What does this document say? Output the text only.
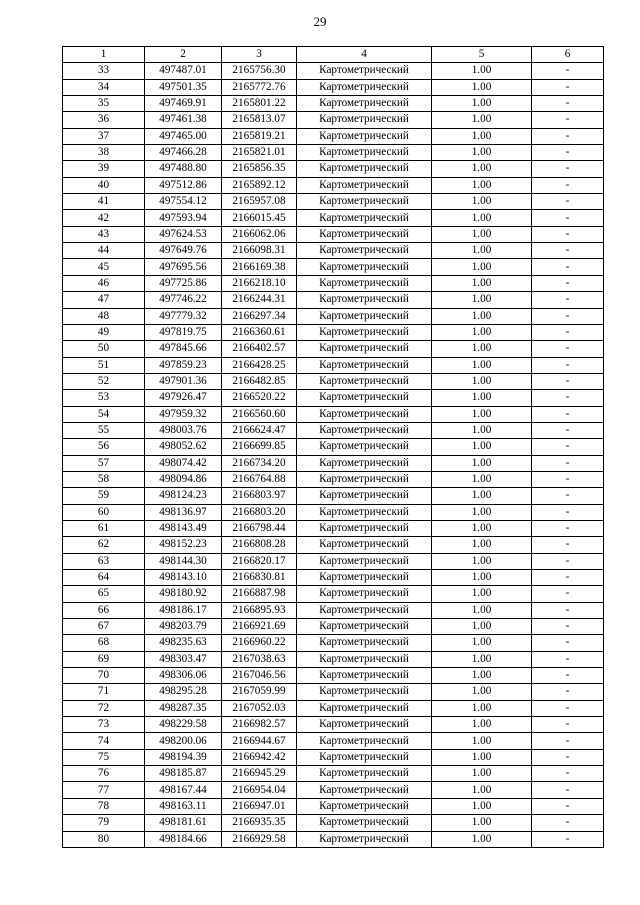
29
1	2	3	4	5	6
33	497487.01	2165756.30	Картометрический	1.00	-
34	497501.35	2165772.76	Картометрический	1.00	-
35	497469.91	2165801.22	Картометрический	1.00	-
36	497461.38	2165813.07	Картометрический	1.00	-
37	497465.00	2165819.21	Картометрический	1.00	-
38	497466.28	2165821.01	Картометрический	1.00	-
39	497488.80	2165856.35	Картометрический	1.00	-
40	497512.86	2165892.12	Картометрический	1.00	-
41	497554.12	2165957.08	Картометрический	1.00	-
42	497593.94	2166015.45	Картометрический	1.00	-
43	497624.53	2166062.06	Картометрический	1.00	-
44	497649.76	2166098.31	Картометрический	1.00	-
45	497695.56	2166169.38	Картометрический	1.00	-
46	497725.86	2166218.10	Картометрический	1.00	-
47	497746.22	2166244.31	Картометрический	1.00	-
48	497779.32	2166297.34	Картометрический	1.00	-
49	497819.75	2166360.61	Картометрический	1.00	-
50	497845.66	2166402.57	Картометрический	1.00	-
51	497859.23	2166428.25	Картометрический	1.00	-
52	497901.36	2166482.85	Картометрический	1.00	-
53	497926.47	2166520.22	Картометрический	1.00	-
54	497959.32	2166560.60	Картометрический	1.00	-
55	498003.76	2166624.47	Картометрический	1.00	-
56	498052.62	2166699.85	Картометрический	1.00	-
57	498074.42	2166734.20	Картометрический	1.00	-
58	498094.86	2166764.88	Картометрический	1.00	-
59	498124.23	2166803.97	Картометрический	1.00	-
60	498136.97	2166803.20	Картометрический	1.00	-
61	498143.49	2166798.44	Картометрический	1.00	-
62	498152.23	2166808.28	Картометрический	1.00	-
63	498144.30	2166820.17	Картометрический	1.00	-
64	498143.10	2166830.81	Картометрический	1.00	-
65	498180.92	2166887.98	Картометрический	1.00	-
66	498186.17	2166895.93	Картометрический	1.00	-
67	498203.79	2166921.69	Картометрический	1.00	-
68	498235.63	2166960.22	Картометрический	1.00	-
69	498303.47	2167038.63	Картометрический	1.00	-
70	498306.06	2167046.56	Картометрический	1.00	-
71	498295.28	2167059.99	Картометрический	1.00	-
72	498287.35	2167052.03	Картометрический	1.00	-
73	498229.58	2166982.57	Картометрический	1.00	-
74	498200.06	2166944.67	Картометрический	1.00	-
75	498194.39	2166942.42	Картометрический	1.00	-
76	498185.87	2166945.29	Картометрический	1.00	-
77	498167.44	2166954.04	Картометрический	1.00	-
78	498163.11	2166947.01	Картометрический	1.00	-
79	498181.61	2166935.35	Картометрический	1.00	-
80	498184.66	2166929.58	Картометрический	1.00	-
